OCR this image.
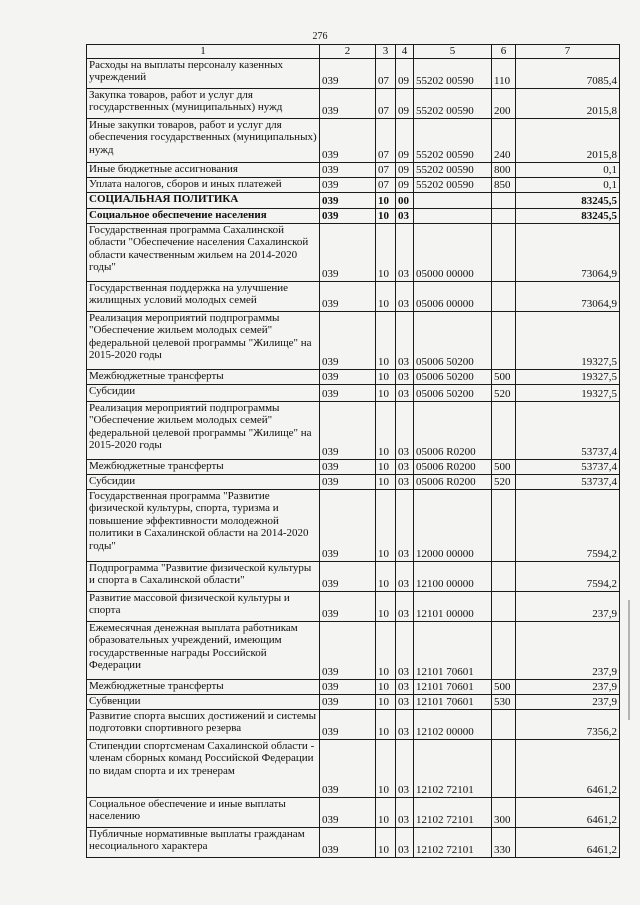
276
1	2	3	4	5	6	7
Расходы на выплаты персоналу казенных учреждений	039	07	09	55202 00590	110	7085,4
Закупка товаров, работ и услуг для государственных (муниципальных) нужд	039	07	09	55202 00590	200	2015,8
Иные закупки товаров, работ и услуг для обеспечения государственных (муниципальных) нужд	039	07	09	55202 00590	240	2015,8
Иные бюджетные ассигнования	039	07	09	55202 00590	800	0,1
Уплата налогов, сборов и иных платежей	039	07	09	55202 00590	850	0,1
СОЦИАЛЬНАЯ ПОЛИТИКА	039	10	00			83245,5
Социальное обеспечение населения	039	10	03			83245,5
Государственная программа Сахалинской области "Обеспечение населения Сахалинской области качественным жильем на 2014-2020 годы"	039	10	03	05000 00000		73064,9
Государственная поддержка на улучшение жилищных условий молодых семей	039	10	03	05006 00000		73064,9
Реализация мероприятий подпрограммы "Обеспечение жильем молодых семей" федеральной целевой программы "Жилище" на 2015-2020 годы	039	10	03	05006 50200		19327,5
Межбюджетные трансферты	039	10	03	05006 50200	500	19327,5
Субсидии	039	10	03	05006 50200	520	19327,5
Реализация мероприятий подпрограммы "Обеспечение жильем молодых семей" федеральной целевой программы "Жилище" на 2015-2020 годы	039	10	03	05006 R0200		53737,4
Межбюджетные трансферты	039	10	03	05006 R0200	500	53737,4
Субсидии	039	10	03	05006 R0200	520	53737,4
Государственная программа "Развитие физической культуры, спорта, туризма и повышение эффективности молодежной политики в Сахалинской области на 2014-2020 годы"	039	10	03	12000 00000		7594,2
Подпрограмма "Развитие физической культуры и спорта в Сахалинской области"	039	10	03	12100 00000		7594,2
Развитие массовой физической культуры и спорта	039	10	03	12101 00000		237,9
Ежемесячная денежная выплата работникам образовательных учреждений, имеющим государственные награды Российской Федерации	039	10	03	12101 70601		237,9
Межбюджетные трансферты	039	10	03	12101 70601	500	237,9
Субвенции	039	10	03	12101 70601	530	237,9
Развитие спорта высших достижений и системы подготовки спортивного резерва	039	10	03	12102 00000		7356,2
Стипендии спортсменам Сахалинской области - членам сборных команд Российской Федерации по видам спорта и их тренерам	039	10	03	12102 72101		6461,2
Социальное обеспечение и иные выплаты населению	039	10	03	12102 72101	300	6461,2
Публичные нормативные выплаты гражданам несоциального характера	039	10	03	12102 72101	330	6461,2
